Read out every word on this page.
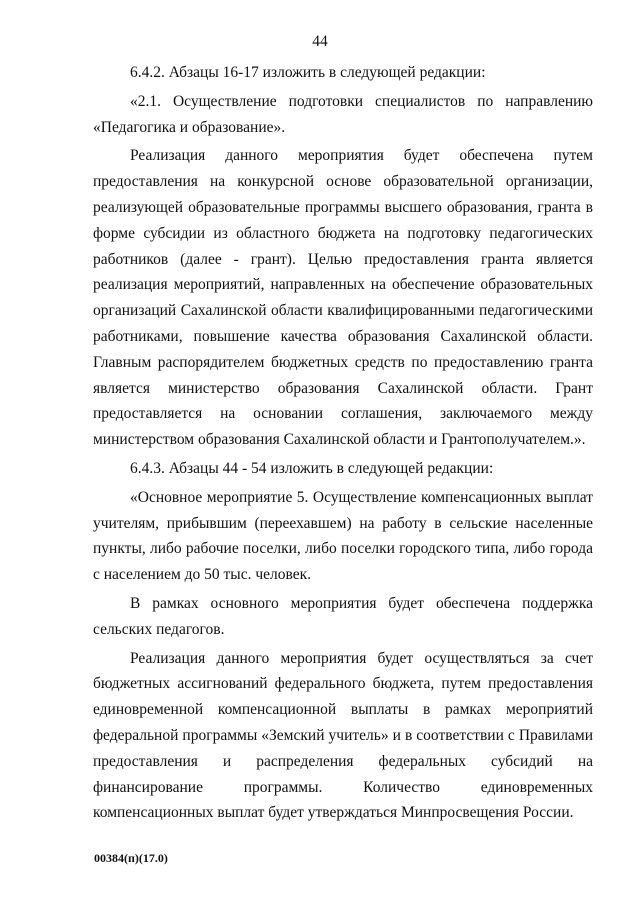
44

6.4.2. Абзацы 16-17 изложить в следующей редакции:

«2.1. Осуществление подготовки специалистов по направлению «Педагогика и образование».

Реализация данного мероприятия будет обеспечена путем предоставления на конкурсной основе образовательной организации, реализующей образовательные программы высшего образования, гранта в форме субсидии из областного бюджета на подготовку педагогических работников (далее - грант). Целью предоставления гранта является реализация мероприятий, направленных на обеспечение образовательных организаций Сахалинской области квалифицированными педагогическими работниками, повышение качества образования Сахалинской области. Главным распорядителем бюджетных средств по предоставлению гранта является министерство образования Сахалинской области. Грант предоставляется на основании соглашения, заключаемого между министерством образования Сахалинской области и Грантополучателем.».

6.4.3. Абзацы 44 - 54 изложить в следующей редакции:

«Основное мероприятие 5. Осуществление компенсационных выплат учителям, прибывшим (переехавшем) на работу в сельские населенные пункты, либо рабочие поселки, либо поселки городского типа, либо города с населением до 50 тыс. человек.

В рамках основного мероприятия будет обеспечена поддержка сельских педагогов.

Реализация данного мероприятия будет осуществляться за счет бюджетных ассигнований федерального бюджета, путем предоставления единовременной компенсационной выплаты в рамках мероприятий федеральной программы «Земский учитель» и в соответствии с Правилами предоставления и распределения федеральных субсидий на финансирование программы. Количество единовременных компенсационных выплат будет утверждаться Минпросвещения России.

00384(п)(17.0)
